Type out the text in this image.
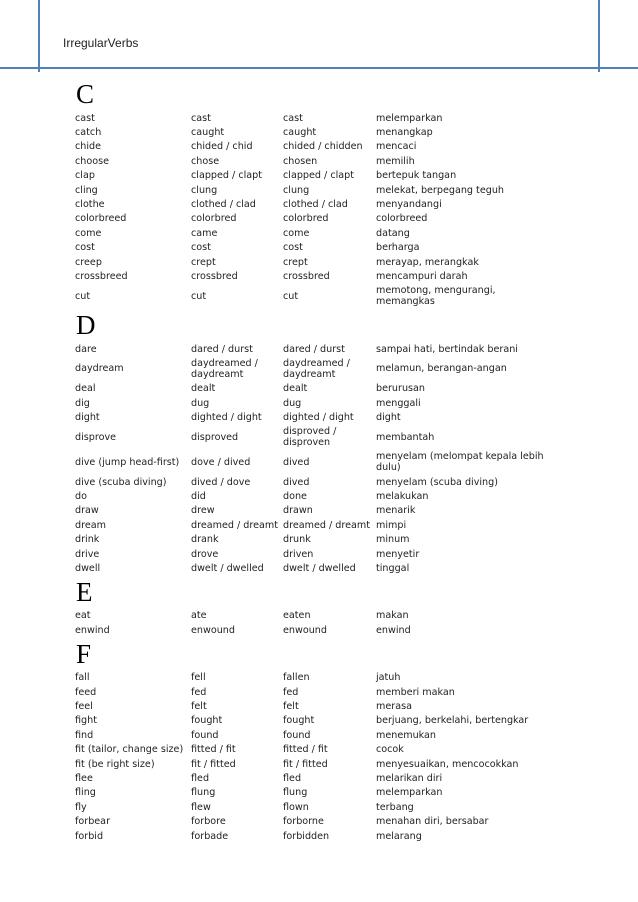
IrregularVerbs
C
cast	cast	cast	melemparkan
catch	caught	caught	menangkap
chide	chided / chid	chided / chidden	mencaci
choose	chose	chosen	memilih
clap	clapped / clapt	clapped / clapt	bertepuk tangan
cling	clung	clung	melekat, berpegang teguh
clothe	clothed / clad	clothed / clad	menyandangi
colorbreed	colorbred	colorbred	colorbreed
come	came	come	datang
cost	cost	cost	berharga
creep	crept	crept	merayap, merangkak
crossbreed	crossbred	crossbred	mencampuri darah
cut	cut	cut	memotong, mengurangi, memangkas
D
dare	dared / durst	dared / durst	sampai hati, bertindak berani
daydream	daydreamed / daydreamt	daydreamed / daydreamt	melamun, berangan-angan
deal	dealt	dealt	berurusan
dig	dug	dug	menggali
dight	dighted / dight	dighted / dight	dight
disprove	disproved	disproved / disproven	membantah
dive (jump head-first)	dove / dived	dived	menyelam (melompat kepala lebih dulu)
dive (scuba diving)	dived / dove	dived	menyelam (scuba diving)
do	did	done	melakukan
draw	drew	drawn	menarik
dream	dreamed / dreamt	dreamed / dreamt	mimpi
drink	drank	drunk	minum
drive	drove	driven	menyetir
dwell	dwelt / dwelled	dwelt / dwelled	tinggal
E
eat	ate	eaten	makan
enwind	enwound	enwound	enwind
F
fall	fell	fallen	jatuh
feed	fed	fed	memberi makan
feel	felt	felt	merasa
fight	fought	fought	berjuang, berkelahi, bertengkar
find	found	found	menemukan
fit (tailor, change size)	fitted / fit	fitted / fit	cocok
fit (be right size)	fit / fitted	fit / fitted	menyesuaikan, mencocokkan
flee	fled	fled	melarikan diri
fling	flung	flung	melemparkan
fly	flew	flown	terbang
forbear	forbore	forborne	menahan diri, bersabar
forbid	forbade	forbidden	melarang
